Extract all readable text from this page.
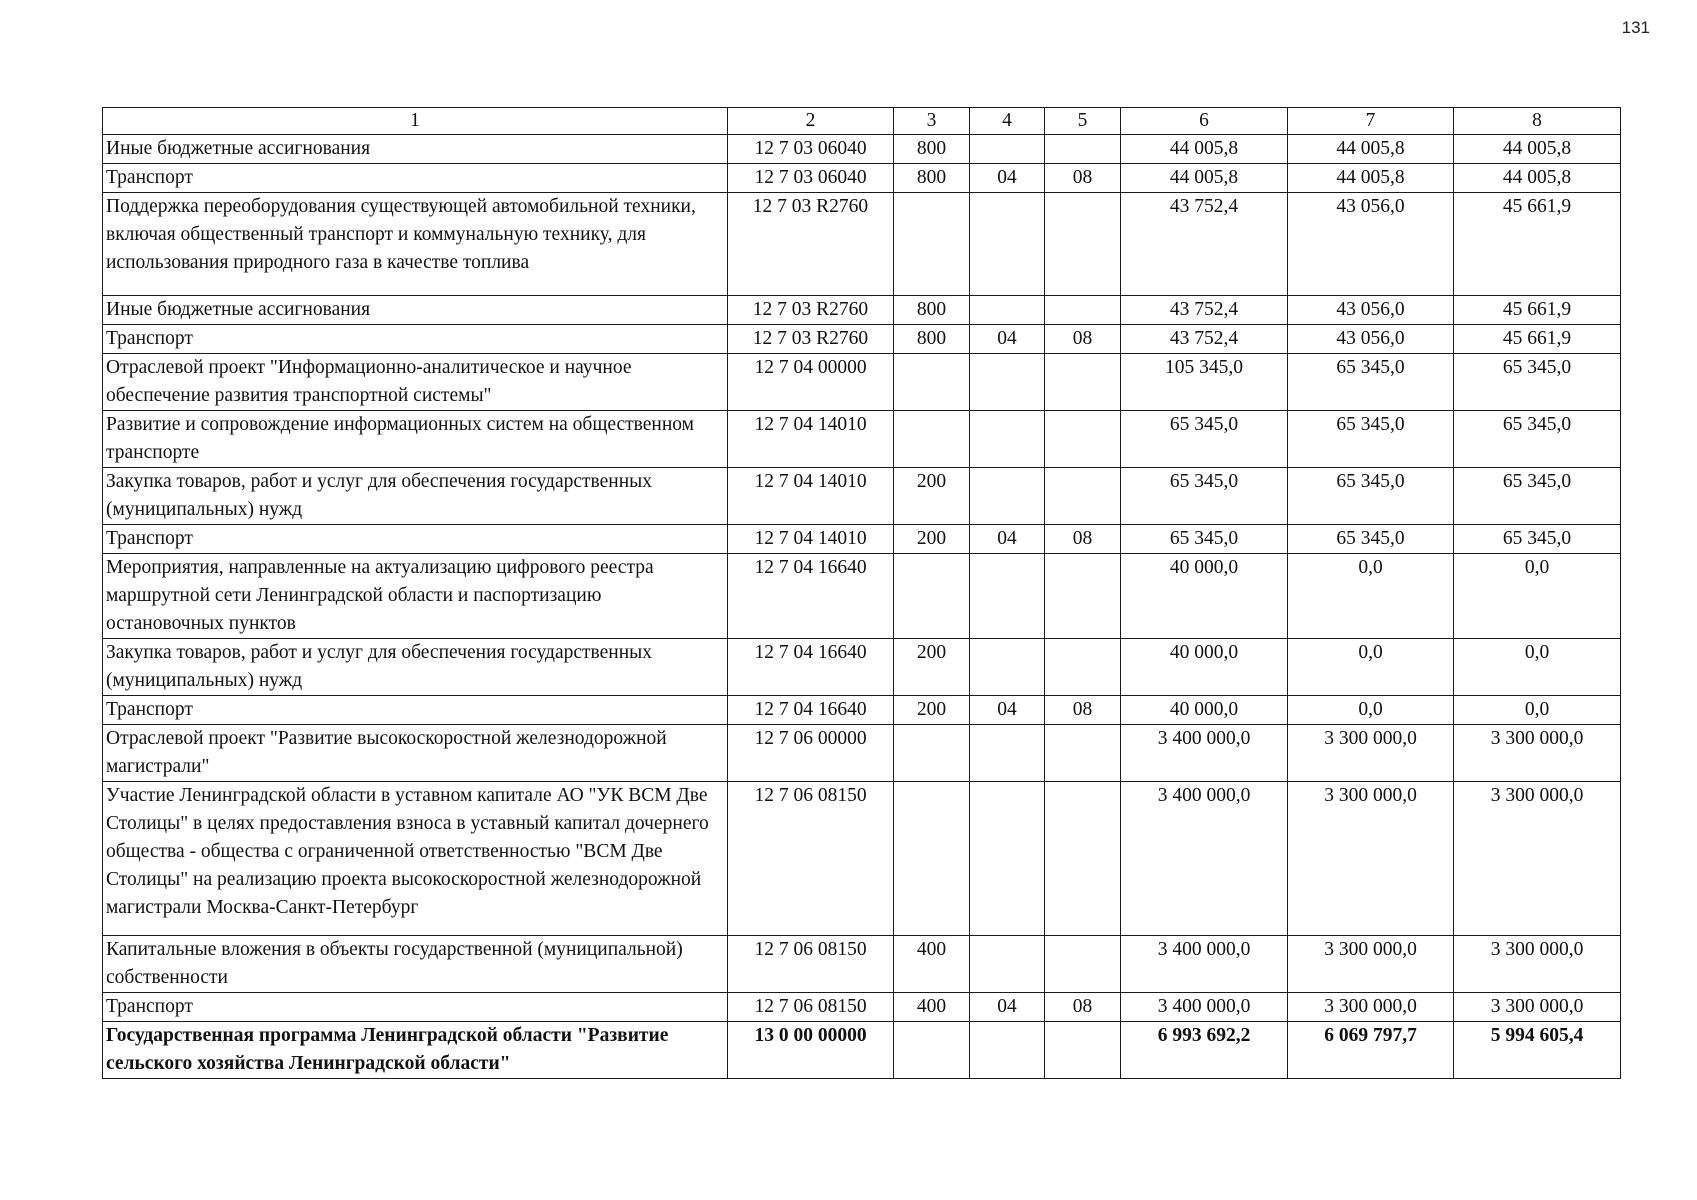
131
1	2	3	4	5	6	7	8
Иные бюджетные ассигнования	12 7 03 06040	800			44 005,8	44 005,8	44 005,8
Транспорт	12 7 03 06040	800	04	08	44 005,8	44 005,8	44 005,8
Поддержка переоборудования существующей автомобильной техники, включая общественный транспорт и коммунальную технику, для использования природного газа в качестве топлива	12 7 03 R2760				43 752,4	43 056,0	45 661,9
Иные бюджетные ассигнования	12 7 03 R2760	800			43 752,4	43 056,0	45 661,9
Транспорт	12 7 03 R2760	800	04	08	43 752,4	43 056,0	45 661,9
Отраслевой проект "Информационно-аналитическое и научное обеспечение развития транспортной системы"	12 7 04 00000				105 345,0	65 345,0	65 345,0
Развитие и сопровождение информационных систем на общественном транспорте	12 7 04 14010				65 345,0	65 345,0	65 345,0
Закупка товаров, работ и услуг для обеспечения государственных (муниципальных) нужд	12 7 04 14010	200			65 345,0	65 345,0	65 345,0
Транспорт	12 7 04 14010	200	04	08	65 345,0	65 345,0	65 345,0
Мероприятия, направленные на актуализацию цифрового реестра маршрутной сети Ленинградской области и паспортизацию остановочных пунктов	12 7 04 16640				40 000,0	0,0	0,0
Закупка товаров, работ и услуг для обеспечения государственных (муниципальных) нужд	12 7 04 16640	200			40 000,0	0,0	0,0
Транспорт	12 7 04 16640	200	04	08	40 000,0	0,0	0,0
Отраслевой проект "Развитие высокоскоростной железнодорожной магистрали"	12 7 06 00000				3 400 000,0	3 300 000,0	3 300 000,0
Участие Ленинградской области в уставном капитале АО "УК ВСМ Две Столицы" в целях предоставления взноса в уставный капитал дочернего общества - общества с ограниченной ответственностью "ВСМ Две Столицы" на реализацию проекта высокоскоростной железнодорожной магистрали Москва-Санкт-Петербург	12 7 06 08150				3 400 000,0	3 300 000,0	3 300 000,0
Капитальные вложения в объекты государственной (муниципальной) собственности	12 7 06 08150	400			3 400 000,0	3 300 000,0	3 300 000,0
Транспорт	12 7 06 08150	400	04	08	3 400 000,0	3 300 000,0	3 300 000,0
Государственная программа Ленинградской области "Развитие сельского хозяйства Ленинградской области"	13 0 00 00000				6 993 692,2	6 069 797,7	5 994 605,4
